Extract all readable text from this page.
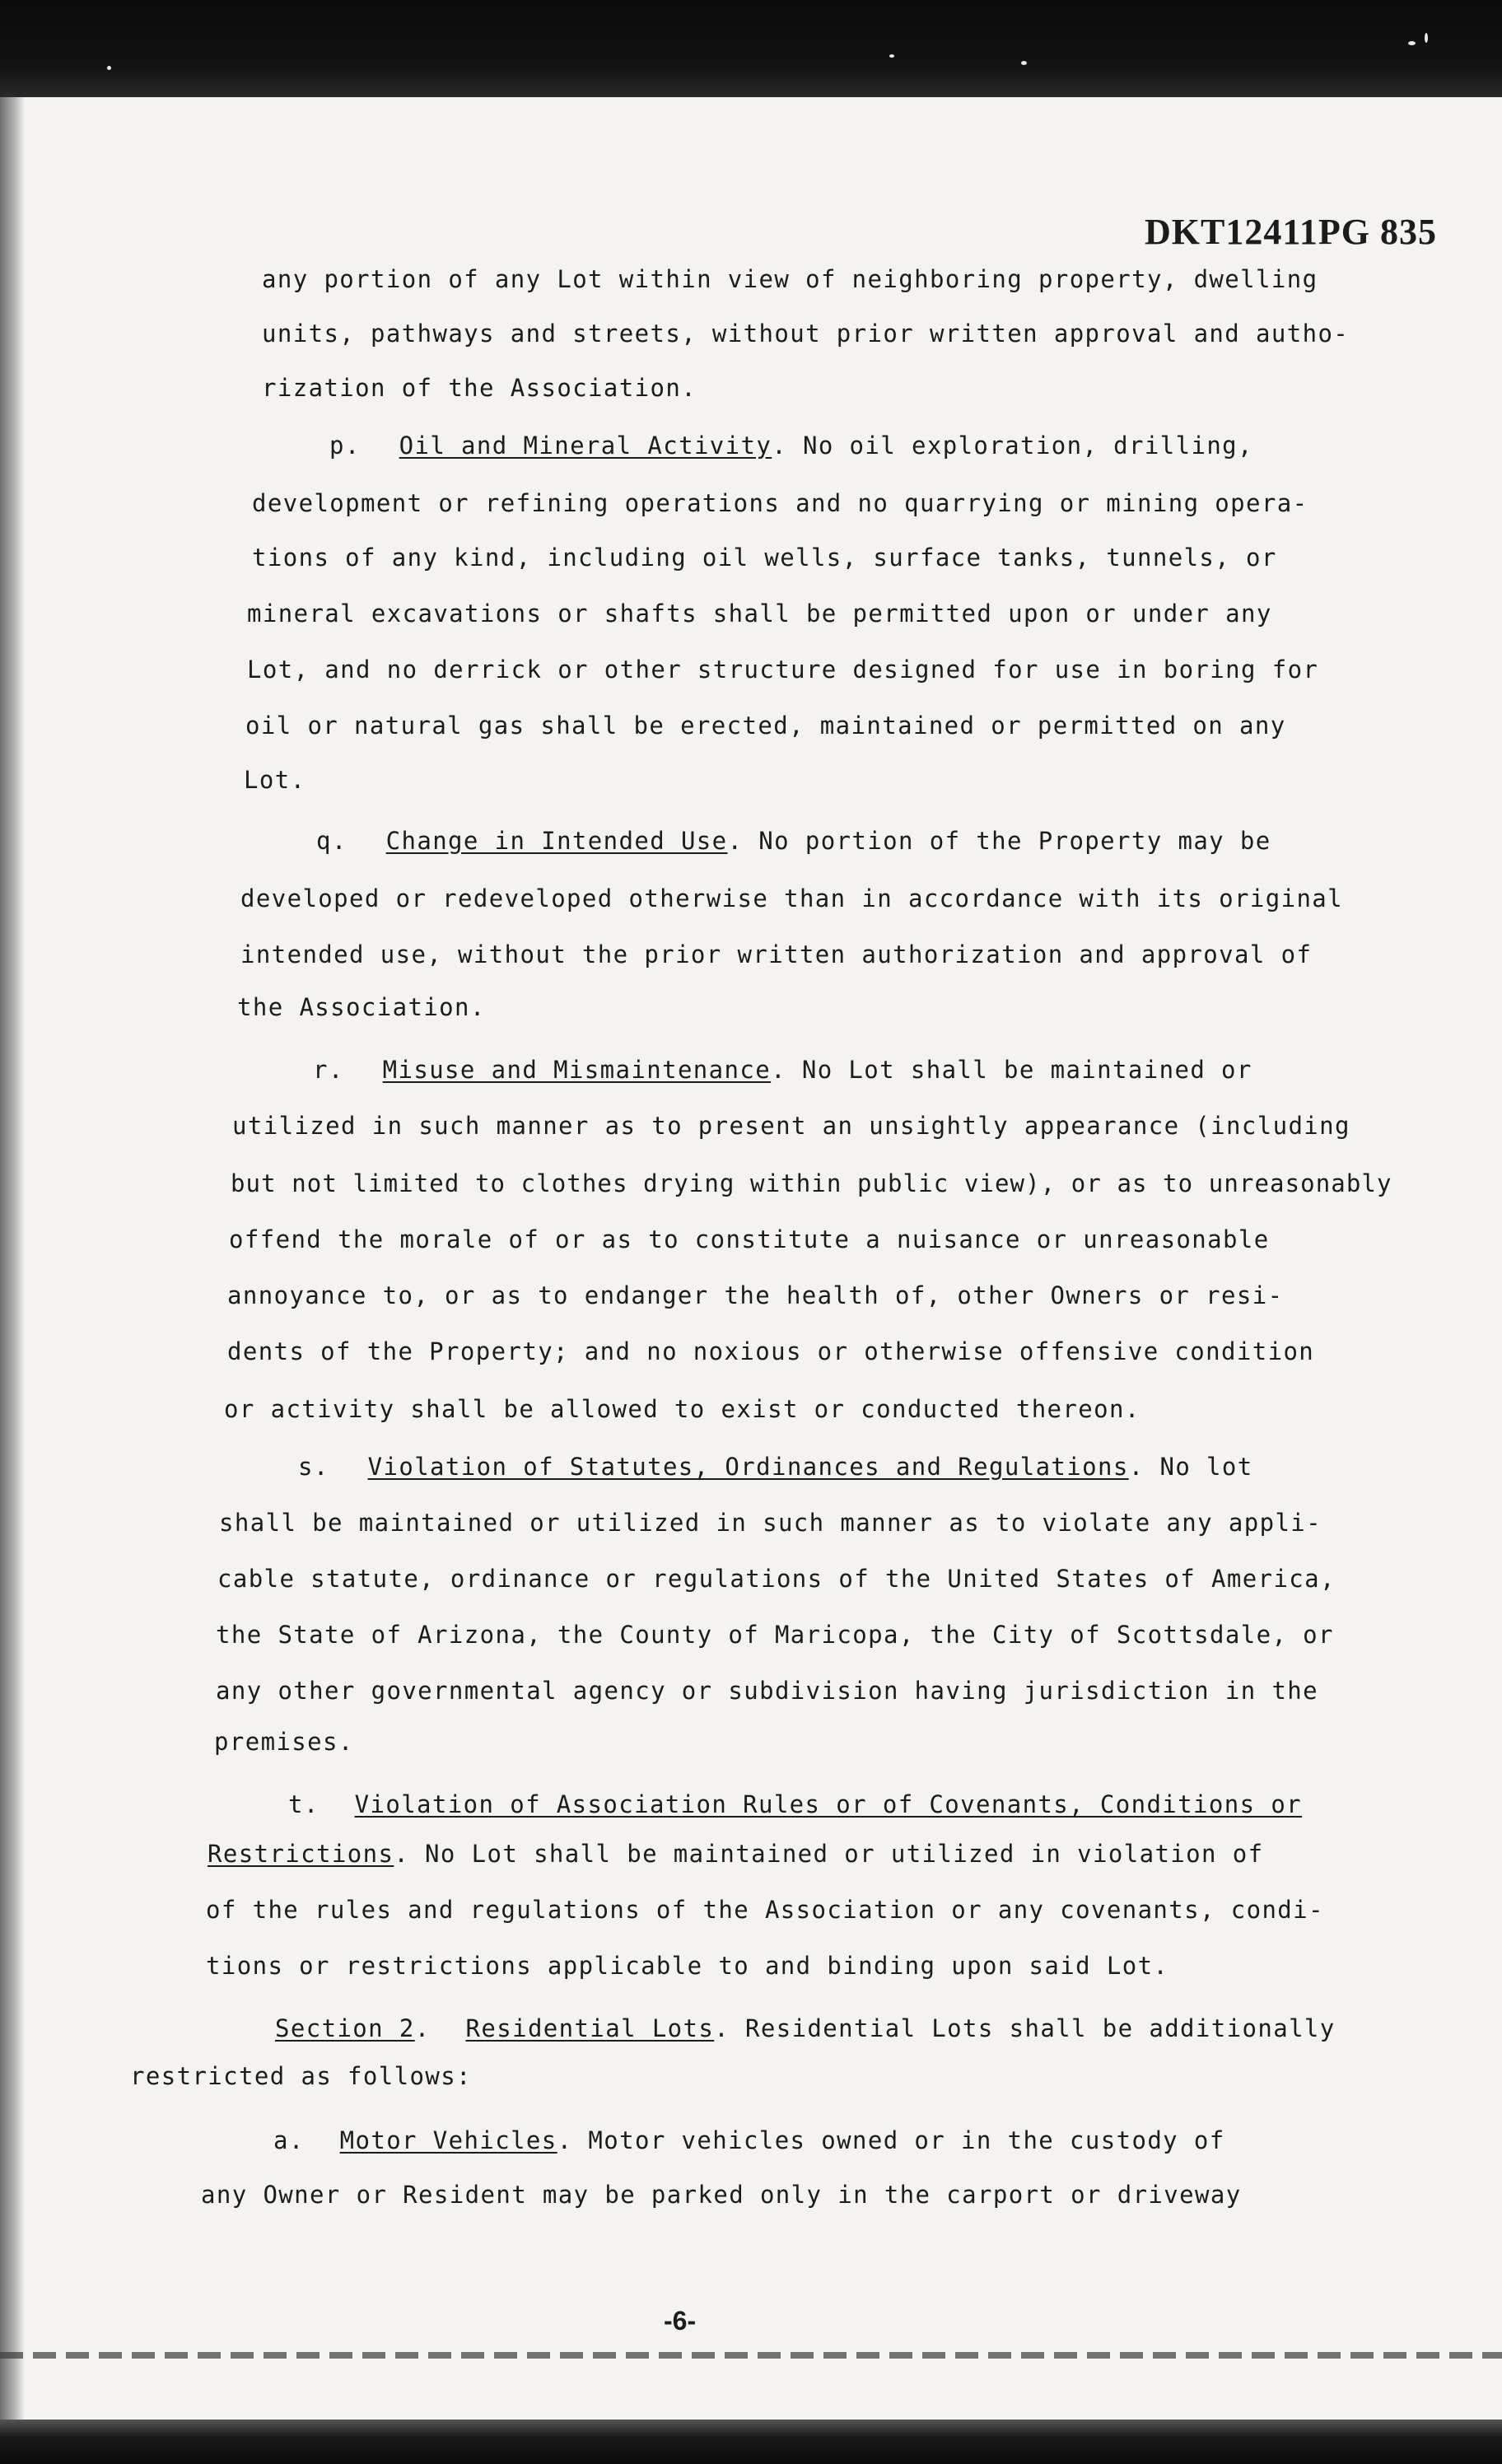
DKT12411PG 835
any portion of any Lot within view of neighboring property, dwelling
units, pathways and streets, without prior written approval and autho-
rization of the Association.
p. Oil and Mineral Activity. No oil exploration, drilling,
development or refining operations and no quarrying or mining opera-
tions of any kind, including oil wells, surface tanks, tunnels, or
mineral excavations or shafts shall be permitted upon or under any
Lot, and no derrick or other structure designed for use in boring for
oil or natural gas shall be erected, maintained or permitted on any
Lot.
q. Change in Intended Use. No portion of the Property may be
developed or redeveloped otherwise than in accordance with its original
intended use, without the prior written authorization and approval of
the Association.
r. Misuse and Mismaintenance. No Lot shall be maintained or
utilized in such manner as to present an unsightly appearance (including
but not limited to clothes drying within public view), or as to unreasonably
offend the morale of or as to constitute a nuisance or unreasonable
annoyance to, or as to endanger the health of, other Owners or resi-
dents of the Property; and no noxious or otherwise offensive condition
or activity shall be allowed to exist or conducted thereon.
s. Violation of Statutes, Ordinances and Regulations. No lot
shall be maintained or utilized in such manner as to violate any appli-
cable statute, ordinance or regulations of the United States of America,
the State of Arizona, the County of Maricopa, the City of Scottsdale, or
any other governmental agency or subdivision having jurisdiction in the
premises.
t. Violation of Association Rules or of Covenants, Conditions or
Restrictions. No Lot shall be maintained or utilized in violation of
of the rules and regulations of the Association or any covenants, condi-
tions or restrictions applicable to and binding upon said Lot.
Section 2. Residential Lots. Residential Lots shall be additionally
restricted as follows:
a. Motor Vehicles. Motor vehicles owned or in the custody of
any Owner or Resident may be parked only in the carport or driveway
-6-
